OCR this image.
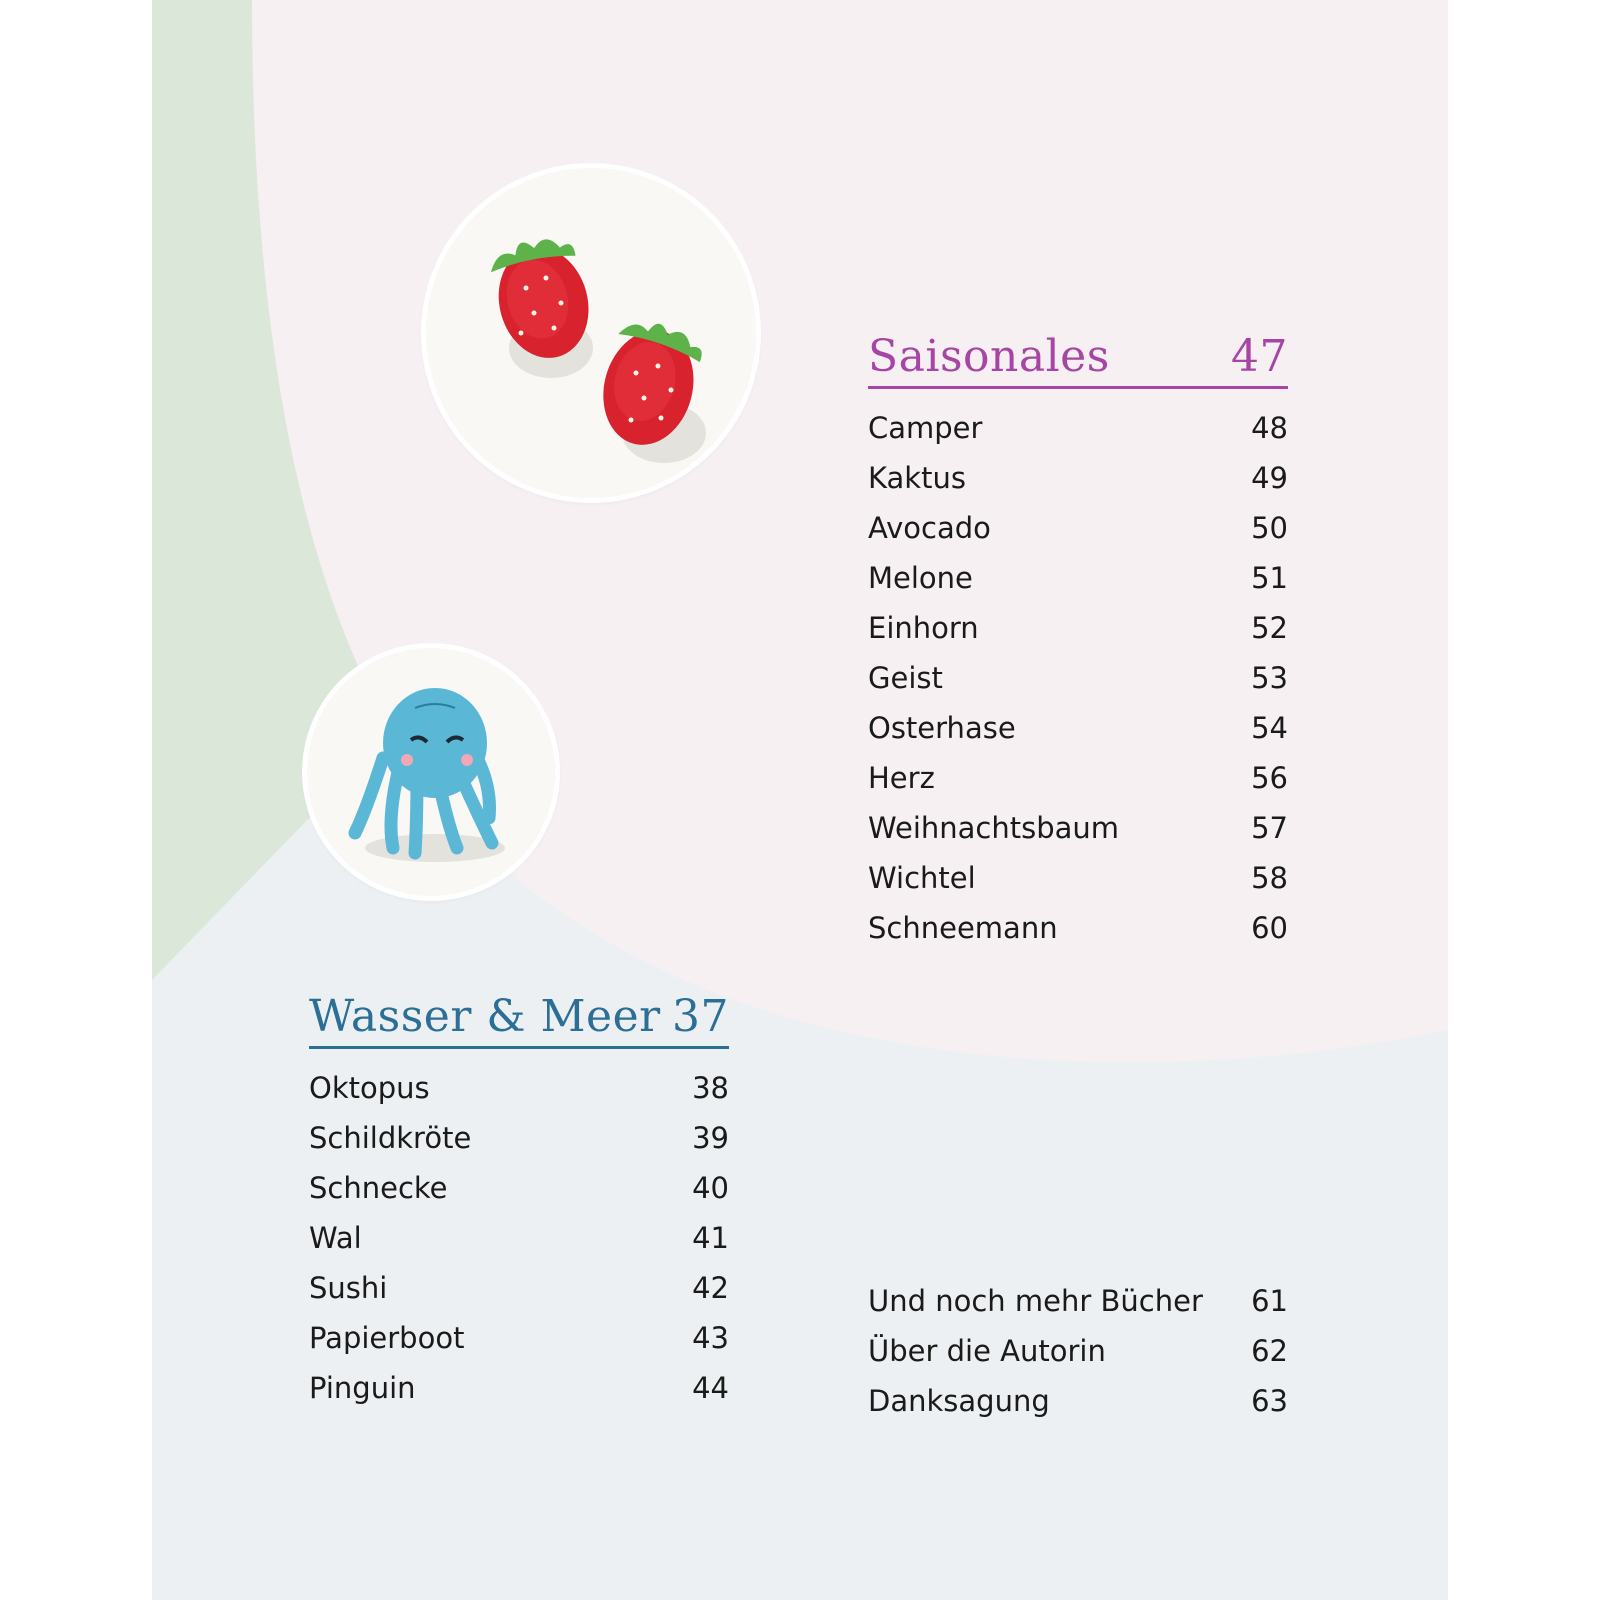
Saisonales	47
Camper	48
Kaktus	49
Avocado	50
Melone	51
Einhorn	52
Geist	53
Osterhase	54
Herz	56
Weihnachtsbaum	57
Wichtel	58
Schneemann	60
Wasser & Meer 37
Oktopus	38
Schildkröte	39
Schnecke	40
Wal	41
Sushi	42
Papierboot	43
Pinguin	44
Und noch mehr Bücher 61
Über die Autorin	62
Danksagung	63
